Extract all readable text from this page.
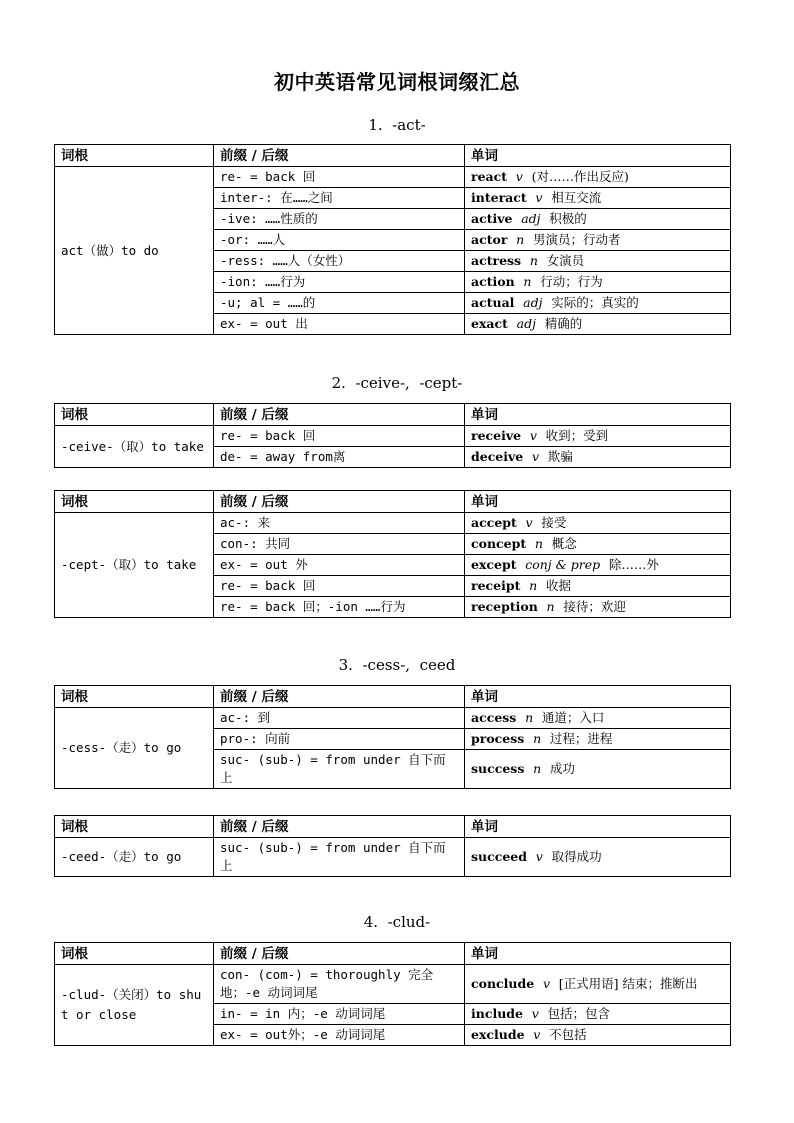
初中英语常见词根词缀汇总
1.  -act-
词根	前缀 / 后缀	单词
act（做）to do	re- = back 回	react v (对……作出反应)
	inter-: 在……之间	interact v 相互交流
	-ive: ……性质的	active adj 积极的
	-or: ……人	actor n 男演员；行动者
	-ress: ……人（女性）	actress n 女演员
	-ion: ……行为	action n 行动；行为
	-u; al = ……的	actual adj 实际的；真实的
	ex- = out 出	exact adj 精确的
2.  -ceive-,  -cept-
词根	前缀 / 后缀	单词
-ceive-（取）to take	re- = back 回	receive v 收到；受到
	de- = away from离	deceive v 欺骗
词根	前缀 / 后缀	单词
-cept-（取）to take	ac-: 来	accept v 接受
	con-: 共同	concept n 概念
	ex- = out 外	except conj & prep 除……外
	re- = back 回	receipt n 收据
	re- = back 回；-ion ……行为	reception n 接待；欢迎
3.  -cess-,  ceed
词根	前缀 / 后缀	单词
-cess-（走）to go	ac-: 到	access n 通道；入口
	pro-: 向前	process n 过程；进程
	suc- (sub-) = from under 自下而上	success n 成功
词根	前缀 / 后缀	单词
-ceed-（走）to go	suc- (sub-) = from under 自下而上	succeed v 取得成功
4.  -clud-
词根	前缀 / 后缀	单词
-clud-（关闭）to shut or close	con- (com-) = thoroughly 完全地；-e 动词词尾	conclude v [正式用语] 结束；推断出
	in- = in 内；-e 动词词尾	include v 包括；包含
	ex- = out外；-e 动词词尾	exclude v 不包括
